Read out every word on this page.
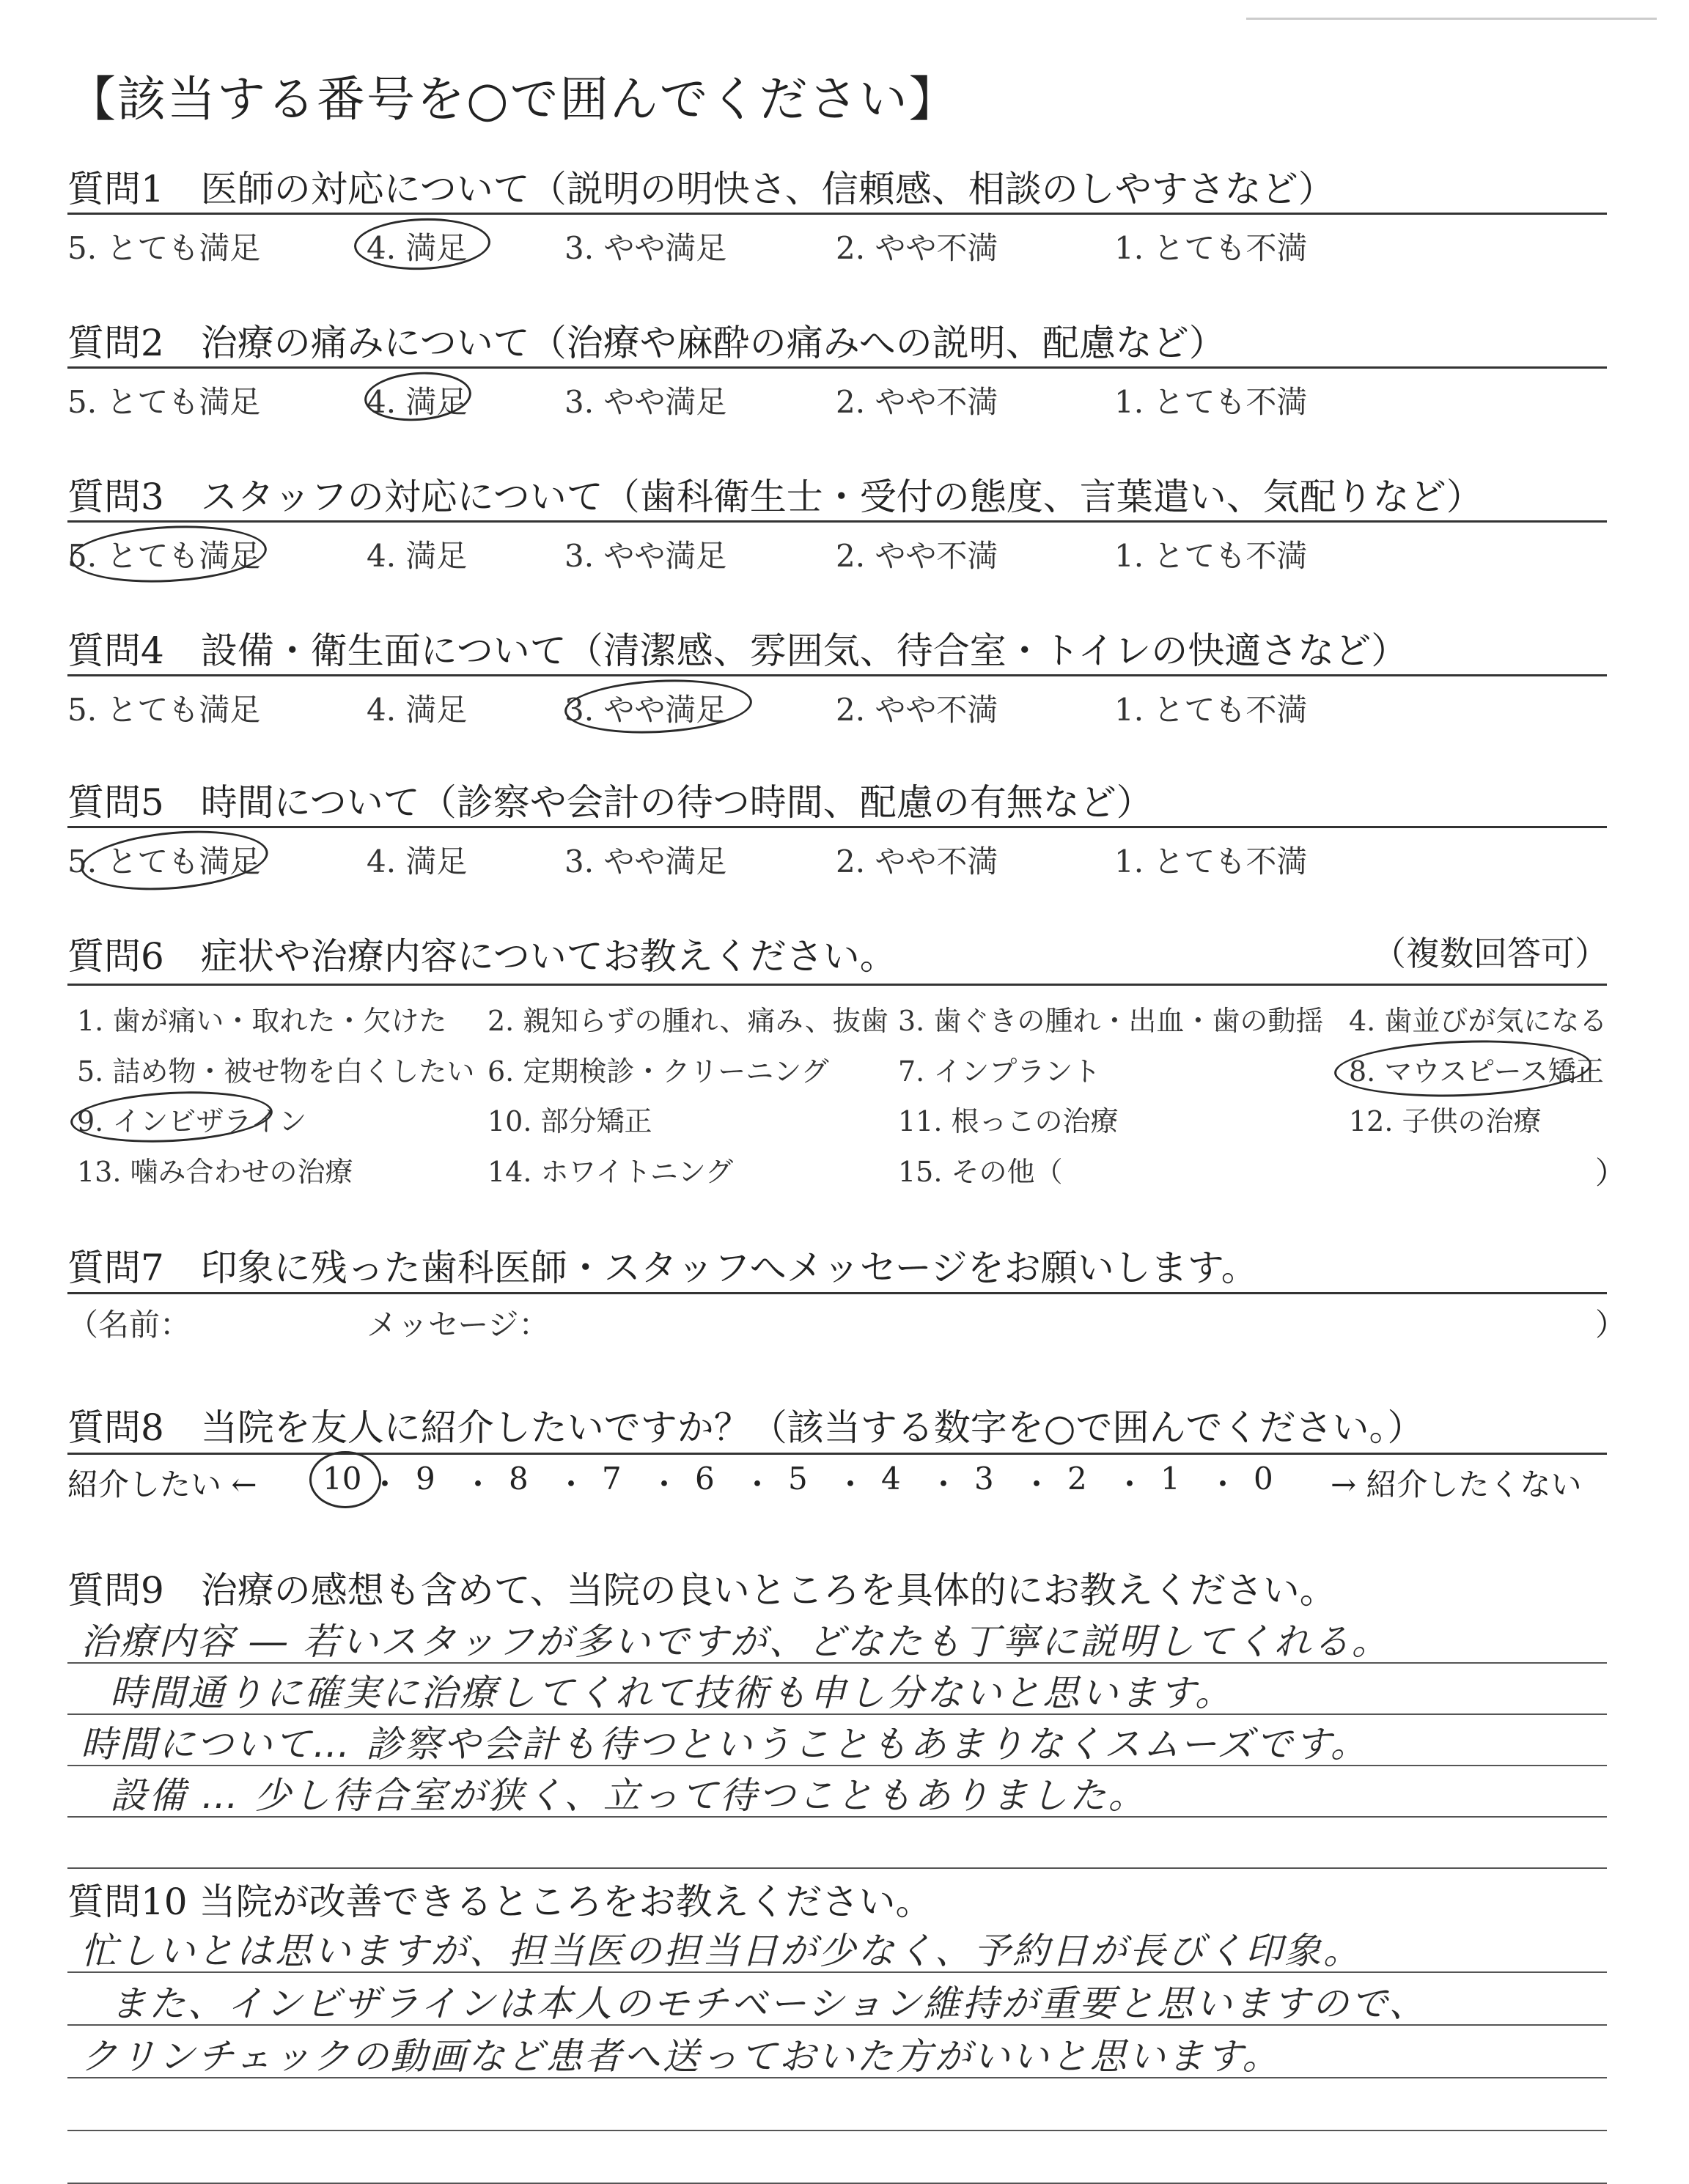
【該当する番号を○で囲んでください】
質問1　医師の対応について（説明の明快さ、信頼感、相談のしやすさなど）
5. とても満足	4. 満足	3. やや満足	2. やや不満	1. とても不満
質問2　治療の痛みについて（治療や麻酔の痛みへの説明、配慮など）
5. とても満足	4. 満足	3. やや満足	2. やや不満	1. とても不満
質問3　スタッフの対応について（歯科衛生士・受付の態度、言葉遣い、気配りなど）
5. とても満足	4. 満足	3. やや満足	2. やや不満	1. とても不満
質問4　設備・衛生面について（清潔感、雰囲気、待合室・トイレの快適さなど）
5. とても満足	4. 満足	3. やや満足	2. やや不満	1. とても不満
質問5　時間について（診察や会計の待つ時間、配慮の有無など）
5. とても満足	4. 満足	3. やや満足	2. やや不満	1. とても不満
質問6　症状や治療内容についてお教えください。	（複数回答可）
1. 歯が痛い・取れた・欠けた 2. 親知らずの腫れ、痛み、抜歯 3. 歯ぐきの腫れ・出血・歯の動揺 4. 歯並びが気になる
5. 詰め物・被せ物を白くしたい 6. 定期検診・クリーニング 7. インプラント	8. マウスピース矯正
9. インビザライン	10. 部分矯正	11. 根っこの治療	12. 子供の治療
13. 噛み合わせの治療	14. ホワイトニング	15. その他（	）
質問7　印象に残った歯科医師・スタッフへメッセージをお願いします。
（名前：	メッセージ：	）
質問8　当院を友人に紹介したいですか？（該当する数字を○で囲んでください。）
紹介したい ← 10 ・ 9 ・ 8 ・ 7 ・ 6 ・ 5 ・ 4 ・ 3 ・ 2 ・ 1 ・ 0 → 紹介したくない
質問9　治療の感想も含めて、当院の良いところを具体的にお教えください。
治療内容 ― 若いスタッフが多いですが、どなたも丁寧に説明してくれる。
時間通りに確実に治療してくれて技術も申し分ないと思います。
時間について… 診察や会計も待つということもあまりなくスムーズです。
設備 … 少し待合室が狭く、立って待つこともありました。
質問10 当院が改善できるところをお教えください。
忙しいとは思いますが、担当医の担当日が少なく、予約日が長びく印象。
また、インビザラインは本人のモチベーション維持が重要と思いますので、
クリンチェックの動画など患者へ送っておいた方がいいと思います。
